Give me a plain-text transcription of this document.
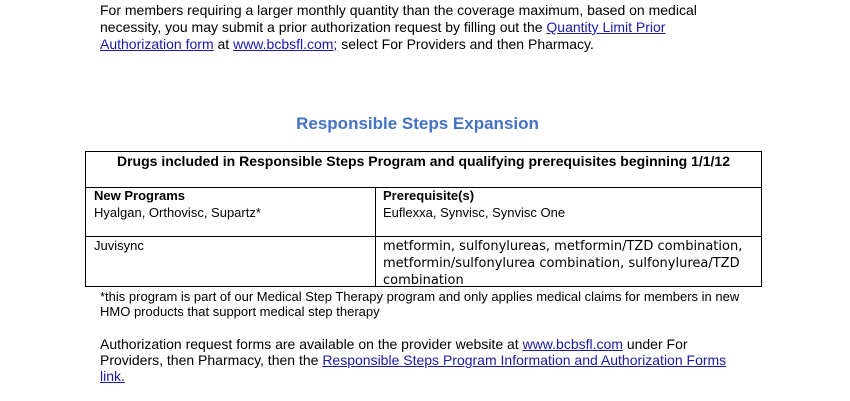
For members requiring a larger monthly quantity than the coverage maximum, based on medical necessity, you may submit a prior authorization request by filling out the Quantity Limit Prior Authorization form at www.bcbsfl.com; select For Providers and then Pharmacy.
Responsible Steps Expansion
Drugs included in Responsible Steps Program and qualifying prerequisites beginning 1/1/12
New Programs	Prerequisite(s)
Hyalgan, Orthovisc, Supartz*	Euflexxa, Synvisc, Synvisc One
Juvisync	metformin, sulfonylureas, metformin/TZD combination, metformin/sulfonylurea combination, sulfonylurea/TZD combination
*this program is part of our Medical Step Therapy program and only applies medical claims for members in new HMO products that support medical step therapy
Authorization request forms are available on the provider website at www.bcbsfl.com under For Providers, then Pharmacy, then the Responsible Steps Program Information and Authorization Forms link.
